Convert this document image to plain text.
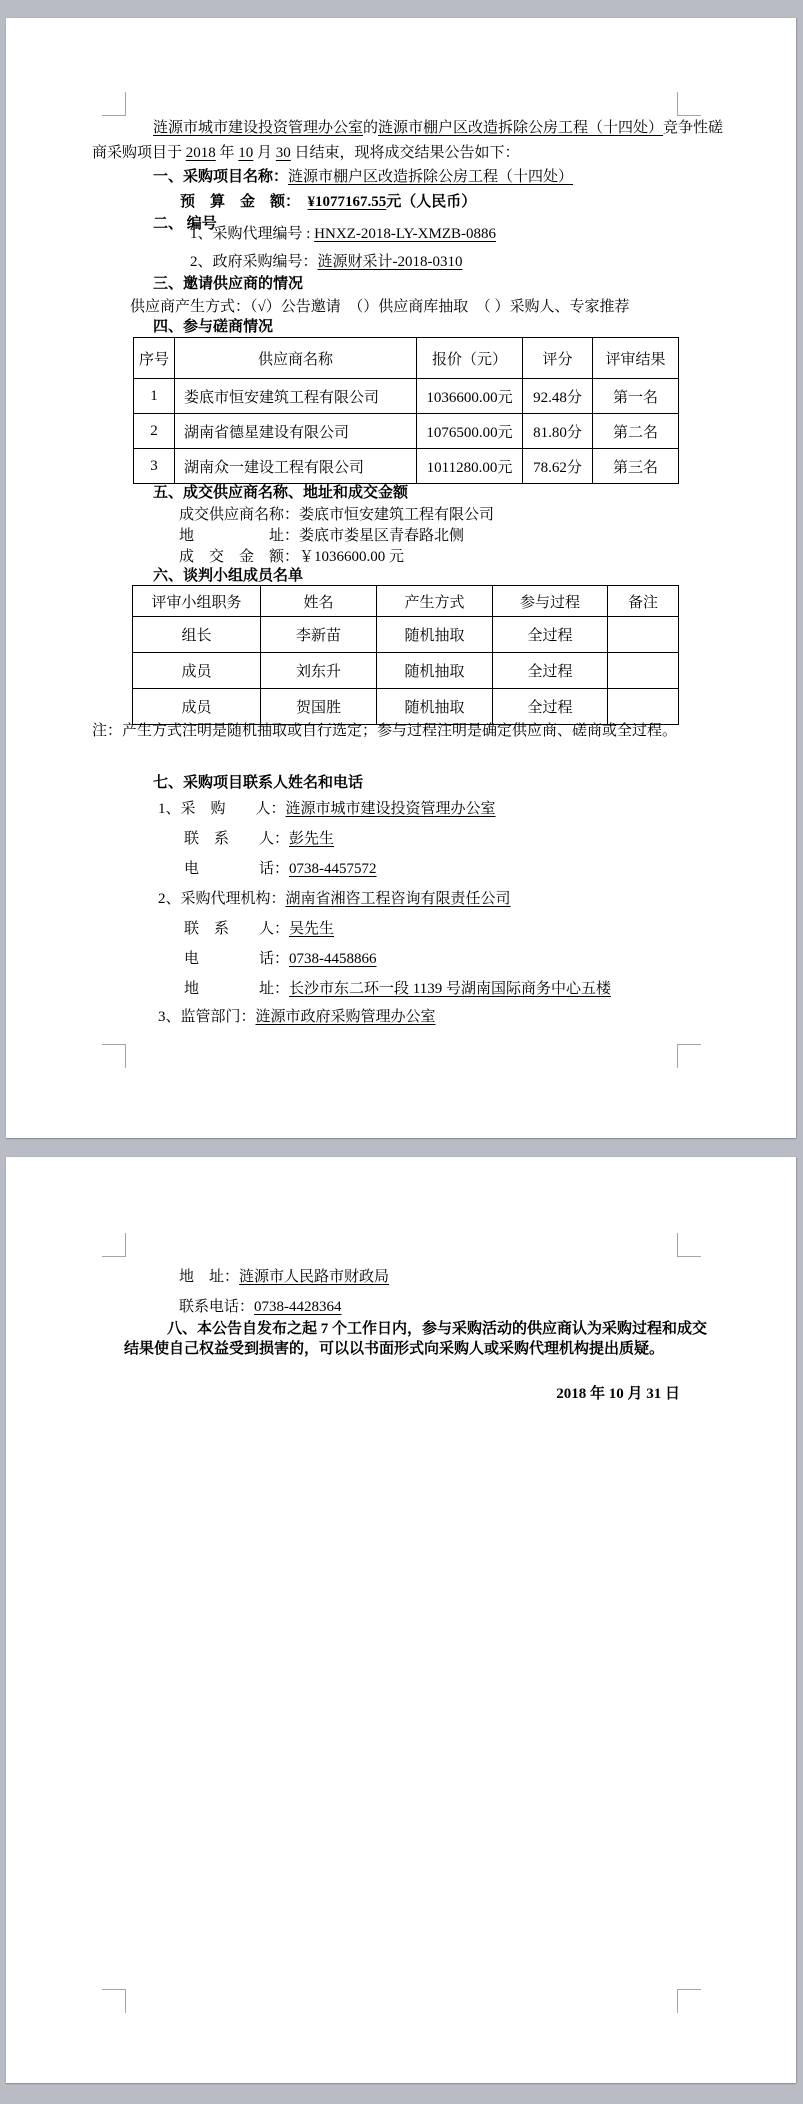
涟源市城市建设投资管理办公室的涟源市棚户区改造拆除公房工程（十四处）竞争性磋
商采购项目于 2018 年 10 月 30 日结束，现将成交结果公告如下：
一、采购项目名称：涟源市棚户区改造拆除公房工程（十四处）
预　算　金　额：　 ¥1077167.55元（人民币）
二、 编号
1、采购代理编号 : HNXZ-2018-LY-XMZB-0886
2、政府采购编号：涟源财采计-2018-0310
三、邀请供应商的情况
供应商产生方式：（√）公告邀请　（）供应商库抽取　（ ）采购人、专家推荐
四、参与磋商情况
序号	供应商名称	报价（元）	评分	评审结果
1	娄底市恒安建筑工程有限公司	1036600.00元	92.48分	第一名
2	湖南省德星建设有限公司	1076500.00元	81.80分	第二名
3	湖南众一建设工程有限公司	1011280.00元	78.62分	第三名
五、成交供应商名称、地址和成交金额
成交供应商名称：娄底市恒安建筑工程有限公司
地　　　　　址：娄底市娄星区青春路北侧
成　交　金　额：￥1036600.00 元
六、谈判小组成员名单
评审小组职务	姓名	产生方式	参与过程	备注
组长	李新苗	随机抽取	全过程	
成员	刘东升	随机抽取	全过程	
成员	贺国胜	随机抽取	全过程	
注：产生方式注明是随机抽取或自行选定；参与过程注明是确定供应商、磋商或全过程。
七、采购项目联系人姓名和电话
1、采　购　　人：涟源市城市建设投资管理办公室
联　系　　人：彭先生
电　　　　话：0738-4457572
2、采购代理机构：湖南省湘咨工程咨询有限责任公司
联　系　　人：吴先生
电　　　　话：0738-4458866
地　　　　址：长沙市东二环一段 1139 号湖南国际商务中心五楼
3、监管部门：涟源市政府采购管理办公室
地　址：涟源市人民路市财政局
联系电话：0738-4428364
八、本公告自发布之起 7 个工作日内，参与采购活动的供应商认为采购过程和成交
结果使自己权益受到损害的，可以以书面形式向采购人或采购代理机构提出质疑。
2018 年 10 月 31 日
